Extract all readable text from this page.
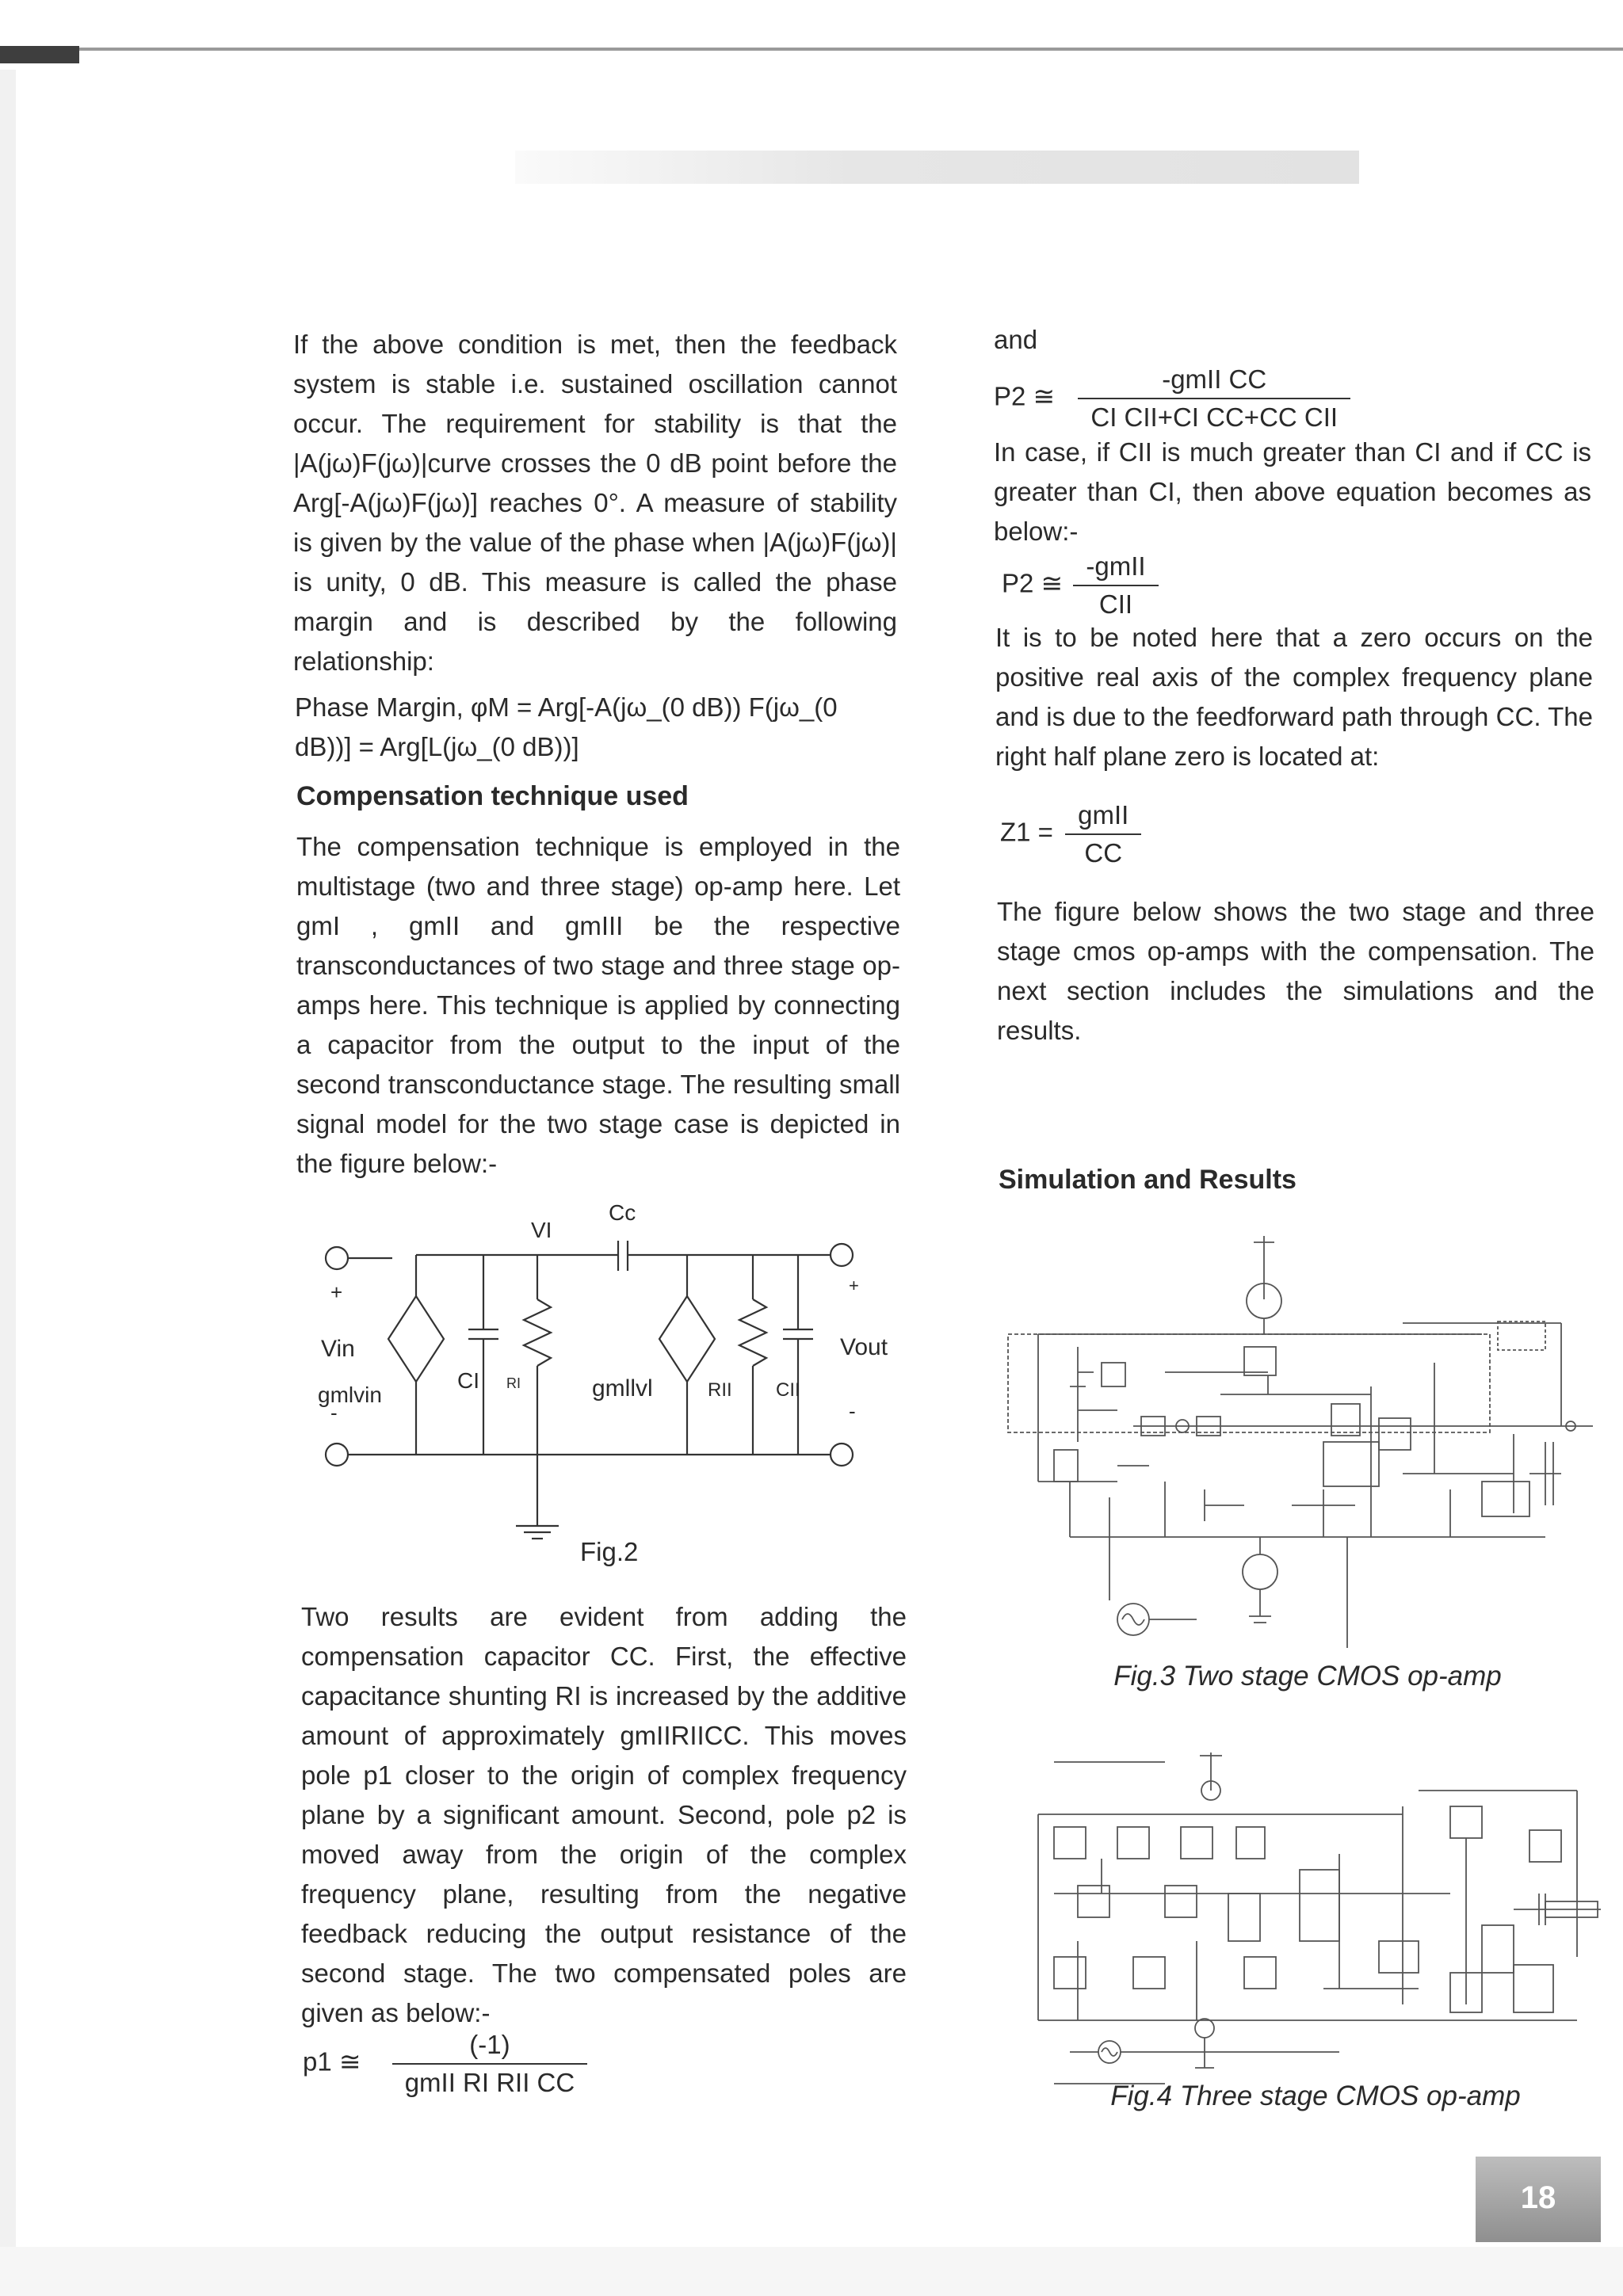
If the above condition is met, then the feedback system is stable i.e. sustained oscillation cannot occur. The requirement for stability is that the |A(jω)F(jω)|curve crosses the 0 dB point before the Arg[-A(jω)F(jω)] reaches 0°. A measure of stability is given by the value of the phase when |A(jω)F(jω)| is unity, 0 dB. This measure is called the phase margin and is described by the following relationship:

Phase Margin, φM = Arg[-A(jω_(0 dB)) F(jω_(0 dB))] = Arg[L(jω_(0 dB))]

Compensation technique used

The compensation technique is employed in the multistage (two and three stage) op-amp here. Let gmI , gmII and gmIII be the respective transconductances of two stage and three stage op-amps here. This technique is applied by connecting a capacitor from the output to the input of the second transconductance stage. The resulting small signal model for the two stage case is depicted in the figure below:-

VI
Cc
+
Vin
gmlvin
-
CI RI	gmllvl	RII CII
+
Vout
-
Fig.2

Two results are evident from adding the compensation capacitor CC. First, the effective capacitance shunting RI is increased by the additive amount of approximately gmIIRIICC. This moves pole p1 closer to the origin of complex frequency plane by a significant amount. Second, pole p2 is moved away from the origin of the complex frequency plane, resulting from the negative feedback reducing the output resistance of the second stage. The two compensated poles are given as below:-

p1 ≅ $\frac{(-1)}{\text{gmII RI RII CC}}$
and
P2 ≅ $\frac{\text{-gmII CC}}{\text{CI CII+CI CC+CC CII}}$

In case, if CII is much greater than CI and if CC is greater than CI, then above equation becomes as below:-

P2 ≅ $\frac{\text{-gmII}}{\text{CII}}$

It is to be noted here that a zero occurs on the positive real axis of the complex frequency plane and is due to the feedforward path through CC. The right half plane zero is located at:

$Z1 = \frac{\text{gmII}}{CC}$

The figure below shows the two stage and three stage cmos op-amps with the compensation. The next section includes the simulations and the results.

Simulation and Results

Fig.3 Two stage CMOS op-amp
Fig.4 Three stage CMOS op-amp
18
